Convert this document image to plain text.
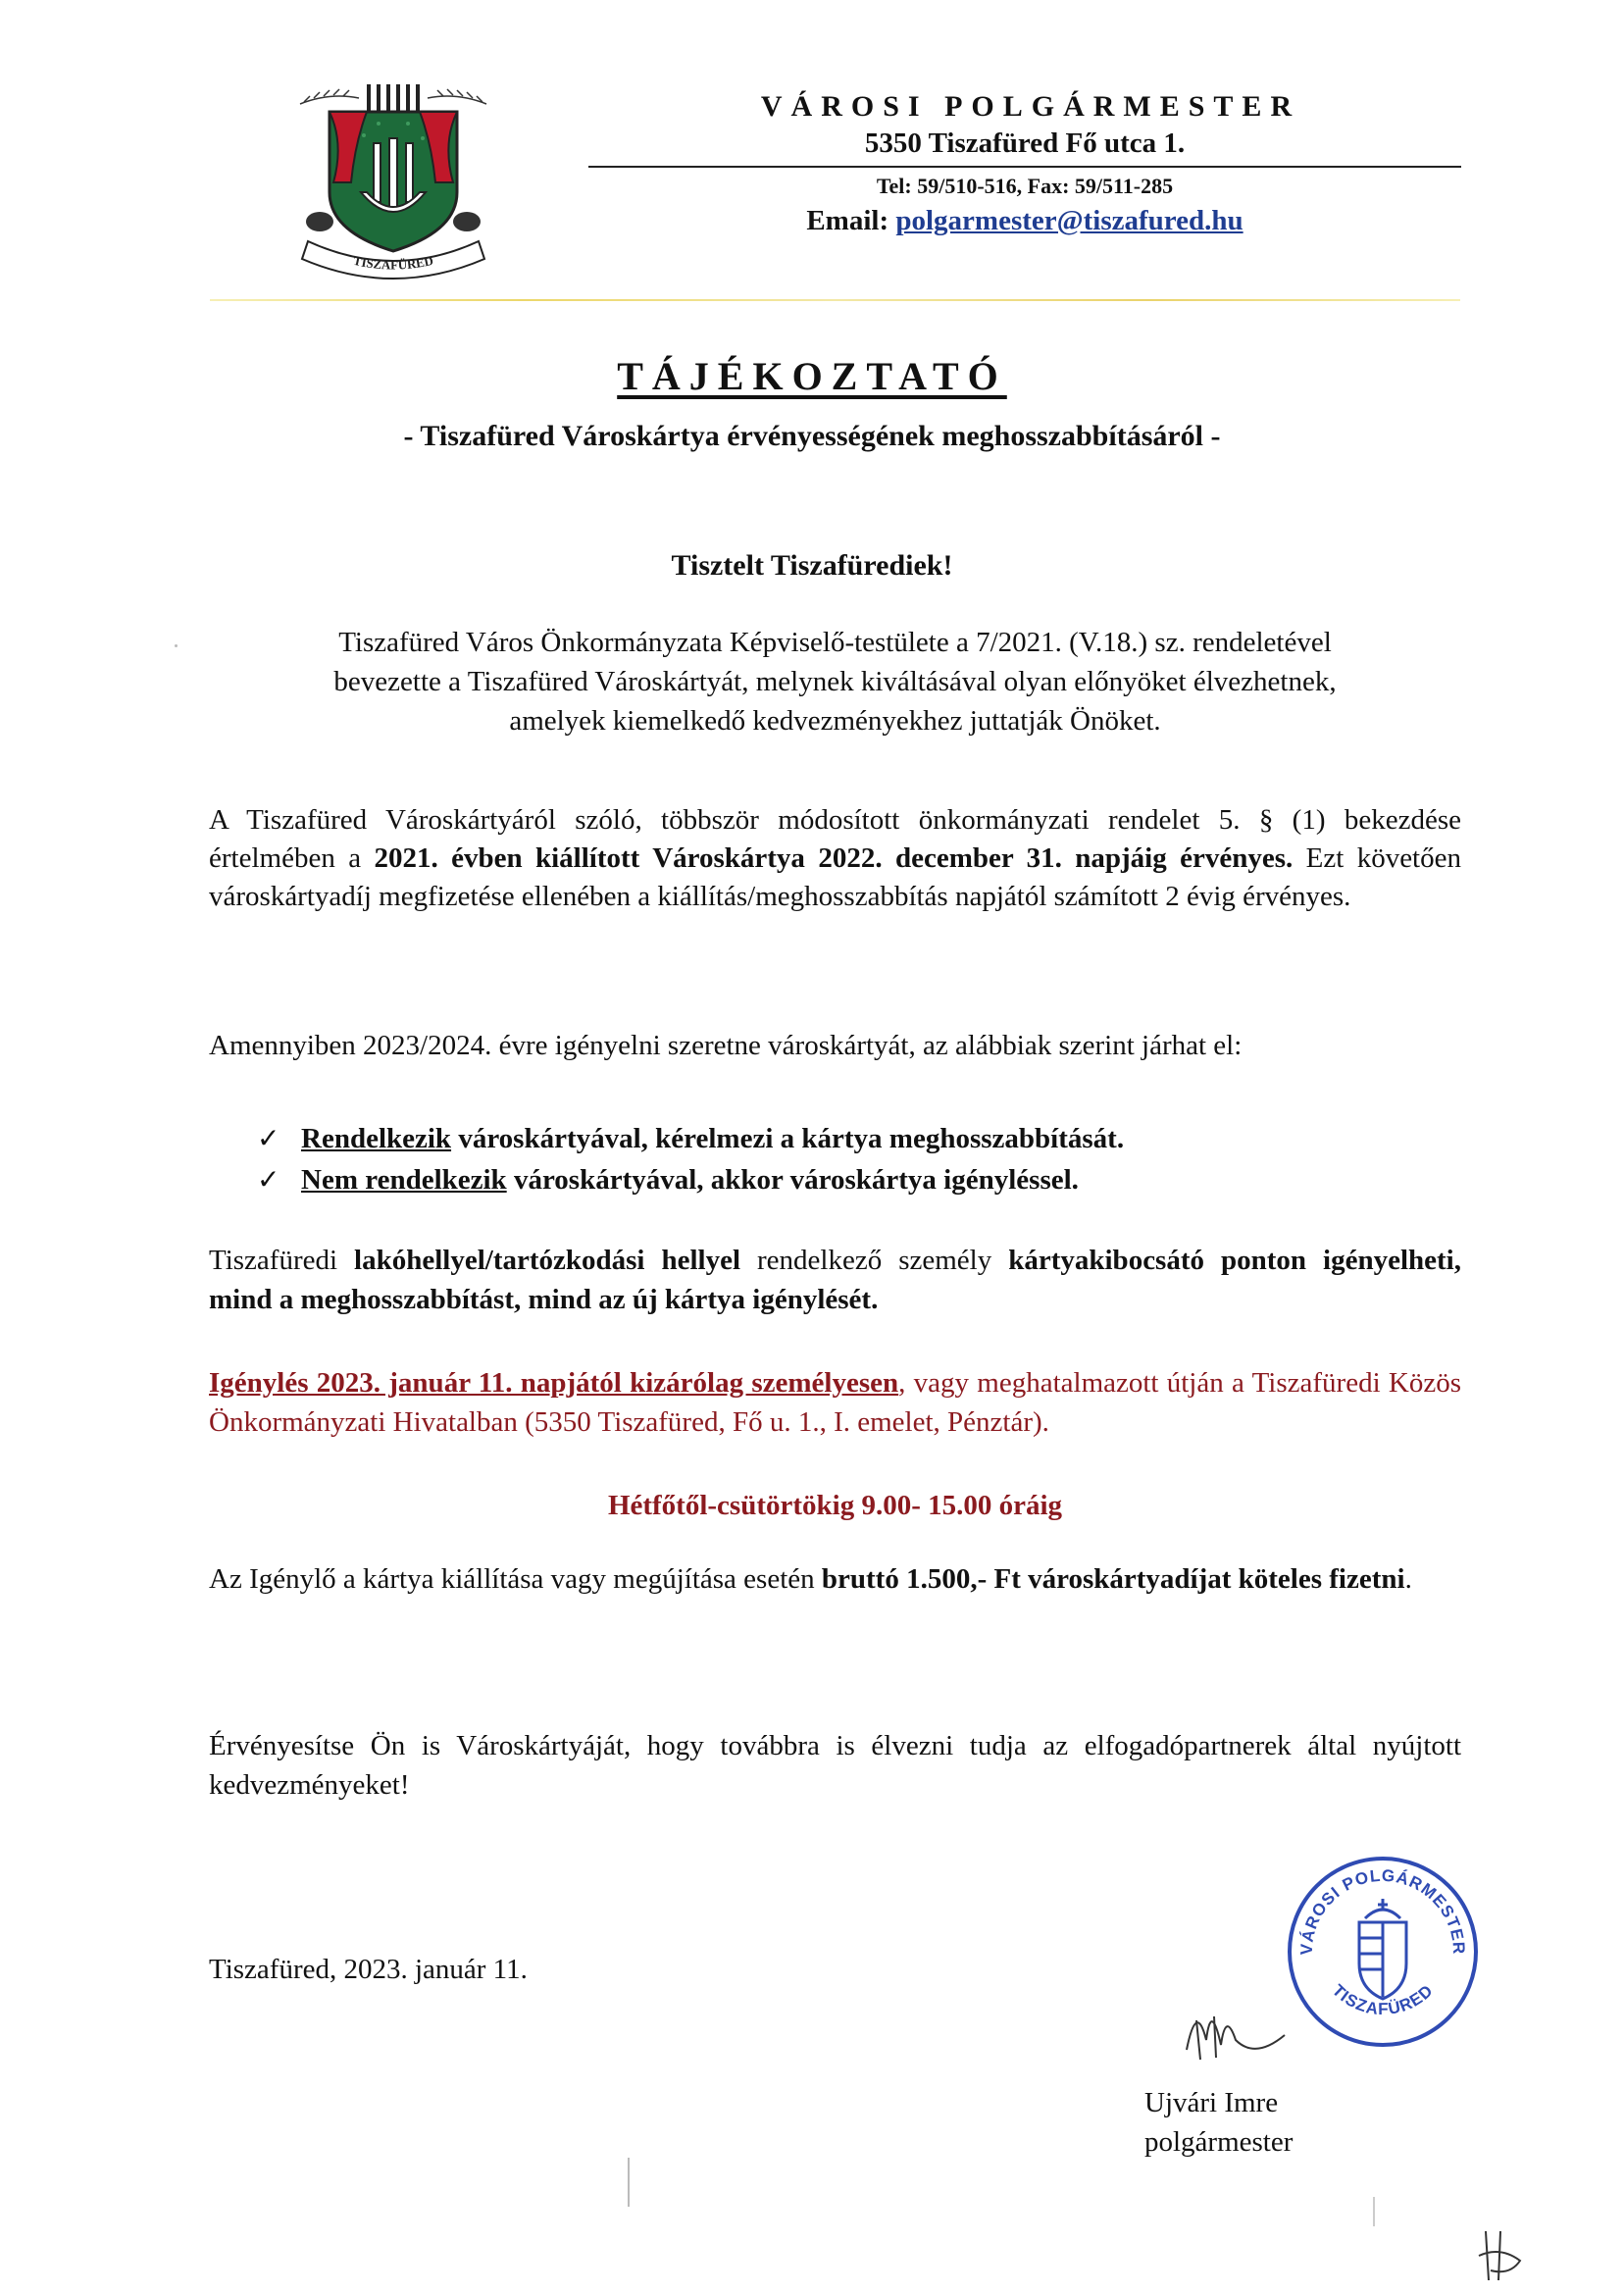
TISZAFÜRED
VÁROSI POLGÁRMESTER
5350 Tiszafüred Fő utca 1.
Tel: 59/510-516, Fax: 59/511-285
Email: polgarmester@tiszafured.hu
TÁJÉKOZTATÓ
- Tiszafüred Városkártya érvényességének meghosszabbításáról -
Tisztelt Tiszafürediek!
Tiszafüred Város Önkormányzata Képviselő-testülete a 7/2021. (V.18.) sz. rendeletével
bevezette a Tiszafüred Városkártyát, melynek kiváltásával olyan előnyöket élvezhetnek,
amelyek kiemelkedő kedvezményekhez juttatják Önöket.
A Tiszafüred Városkártyáról szóló, többször módosított önkormányzati rendelet 5. § (1) bekezdése értelmében a 2021. évben kiállított Városkártya 2022. december 31. napjáig érvényes. Ezt követően városkártyadíj megfizetése ellenében a kiállítás/meghosszabbítás napjától számított 2 évig érvényes.
Amennyiben 2023/2024. évre igényelni szeretne városkártyát, az alábbiak szerint járhat el:
✓ Rendelkezik városkártyával, kérelmezi a kártya meghosszabbítását.
✓ Nem rendelkezik városkártyával, akkor városkártya igényléssel.
Tiszafüredi lakóhellyel/tartózkodási hellyel rendelkező személy kártyakibocsátó ponton igényelheti, mind a meghosszabbítást, mind az új kártya igénylését.
Igénylés 2023. január 11. napjától kizárólag személyesen, vagy meghatalmazott útján a Tiszafüredi Közös Önkormányzati Hivatalban (5350 Tiszafüred, Fő u. 1., I. emelet, Pénztár).
Hétfőtől-csütörtökig 9.00- 15.00 óráig
Az Igénylő a kártya kiállítása vagy megújítása esetén bruttó 1.500,- Ft városkártyadíjat köteles fizetni.
Érvényesítse Ön is Városkártyáját, hogy továbbra is élvezni tudja az elfogadópartnerek által nyújtott kedvezményeket!
Tiszafüred, 2023. január 11.
VÁROSI POLGÁRMESTER
TISZAFÜRED
Ujvári Imre
polgármester
